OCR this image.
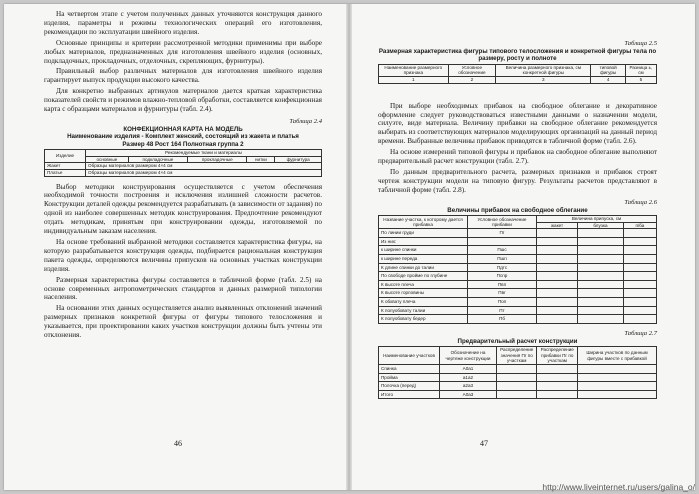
На четвертом этапе с учетом полученных данных уточняются конструкция данного изделия, параметры и режимы технологических операций его изготовления, рекомендации по эксплуатации швейного изделия.

Основные принципы и критерии рассмотренной методики применимы при выборе любых материалов, предназначенных для изготовления швейного изделия (основных, подкладочных, прокладочных, отделочных, скрепляющих, фурнитуры).

Правильный выбор различных материалов для изготовления швейного изделия гарантирует выпуск продукции высокого качества.

Для конкретно выбранных артикулов материалов дается краткая характеристика показателей свойств и режимов влажно-тепловой обработки, составляется конфекционная карта с образцами материалов и фурнитуры (табл. 2.4).

Таблица 2.4
КОНФЕКЦИОННАЯ КАРТА НА МОДЕЛЬ
Наименование изделия - Комплект женский, состоящий из жакета и платья
Размер 48 Рост 164 Полнотная группа 2
Изделие	Рекомендуемые ткани и материалы				
	основные	подкладочные	прокладочные	нитки	фурнитура
Жакет	Образцы материалов размером 4×4 см				
Платье	Образцы материалов размером 4×4 см				

Выбор методики конструирования осуществляется с учетом обеспечения необходимой точности построения и исключения излишней сложности расчетов. Конструкции деталей одежды рекомендуется разрабатывать (в зависимости от задания) по одной из наиболее совершенных методик конструирования. Предпочтение рекомендуют отдать методикам, принятым при конструировании одежды, изготовляемой по индивидуальным заказам населения.

На основе требований выбранной методики составляется характеристика фигуры, на которую разрабатывается конструкция одежды, подбирается рациональная конструкция пакета одежды, определяются величины припусков на основных участках конструкции изделия.

Размерная характеристика фигуры составляется в табличной форме (табл. 2.5) на основе современных антропометрических стандартов и данных размерной типологии населения.

На основании этих данных осуществляется анализ выявленных отклонений значений размерных признаков конкретной фигуры от фигуры типового телосложения и указывается, при проектировании каких участков конструкции должны быть учтены эти отклонения.

46
Таблица 2.5
Размерная характеристика фигуры типового телосложения и конкретной фигуры тела по размеру, росту и полноте
Наименование размерного признака	Условное обозначение	Величина размерного признака, см конкретной фигуры	типовой фигуры	Разница ±, см
1	2	3	4	5

При выборе необходимых прибавок на свободное облегание и декоративное оформление следует руководствоваться известными данными о назначении модели, силуэте, виде материала. Величину прибавки на свободное облегание рекомендуется выбирать из соответствующих материалов моделирующих организаций на данный период времени. Выбранные величины прибавок приводятся в табличной форме (табл. 2.6).

На основе измерений типовой фигуры и прибавок на свободное облегание выполняют предварительный расчет конструкции (табл. 2.7).

По данным предварительного расчета, размерных признаков и прибавок строят чертеж конструкции модели на типовую фигуру. Результаты расчетов представляют в табличной форме (табл. 2.8).

Таблица 2.6
Величины прибавок на свободное облегание
Название участка, к которому дается прибавка	Условное обозначение прибавки	Величина припуска, см		
		жакет	блузка	п/ба
По линии груди	Пг			
Из них:				
к ширине спинки	Пшс			
к ширине переда	Пшп			
К длине спинки до талии	Пдтс			
По свободе пройме по глубине	Пспр			
К высоте плеча	Пвп			
К высоте горловины	Пвг			
К обхвату плеча	Поп			
К полуобхвату талии	Пт			
К полуобхвату бедер	Пб			
Таблица 2.7
Предварительный расчет конструкции
Наименование участков	Обозначение на чертеже конструкции	Распределение значения Пг по участкам	Распределение прибавки Пг по участкам	Ширина участков по данным фигуры вместе с прибавкой
Спинка	А0а1			
Пройма	а1а2			
Полочка (перед)	а2а3			
Итого	А0а3			
47
http://www.liveinternet.ru/users/galina_o/
